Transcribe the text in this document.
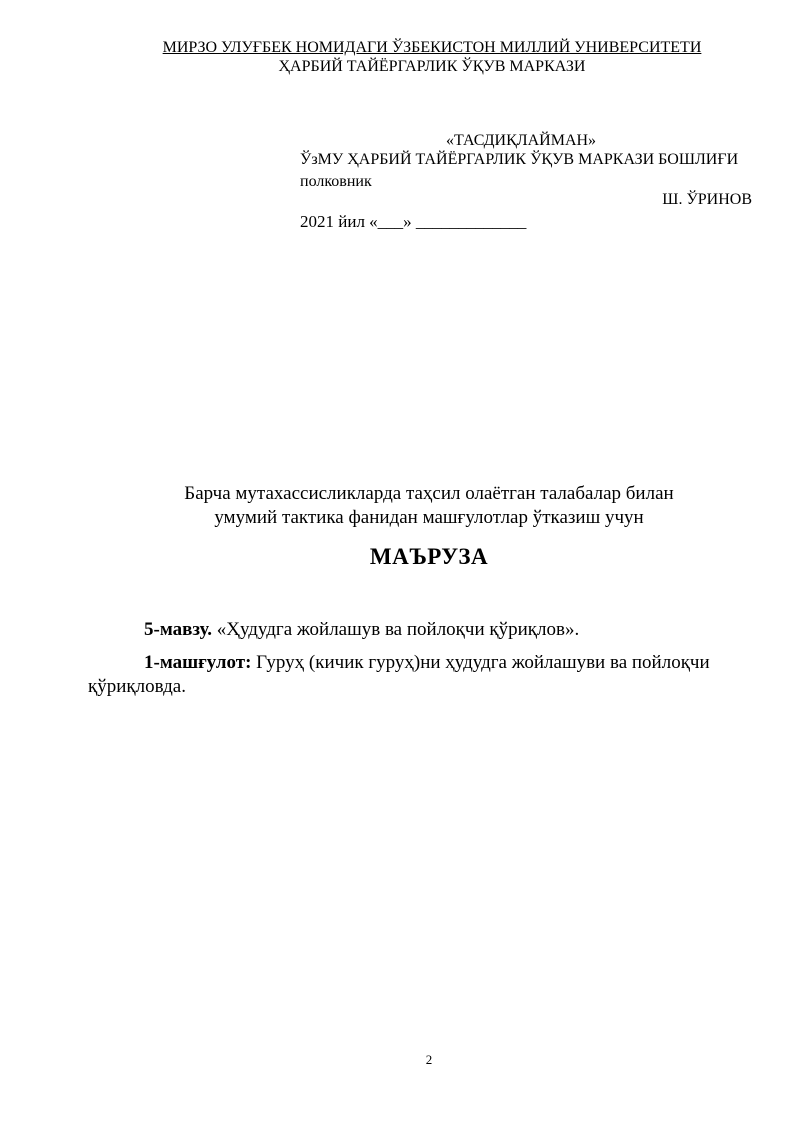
МИРЗО УЛУҒБЕК НОМИДАГИ ЎЗБЕКИСТОН МИЛЛИЙ УНИВЕРСИТЕТИ
ҲАРБИЙ ТАЙЁРГАРЛИК ЎҚУВ МАРКАЗИ
«ТАСДИҚЛАЙМАН»
ЎзМУ ҲАРБИЙ ТАЙЁРГАРЛИК ЎҚУВ МАРКАЗИ БОШЛИҒИ
полковник
Ш. ЎРИНОВ
2021 йил «___» _____________
Барча мутахассисликларда таҳсил олаётган талабалар билан
умумий тактика фанидан машғулотлар ўтказиш учун
МАЪРУЗА
5-мавзу. «Ҳудудга жойлашув ва пойлоқчи қўриқлов».
1-машғулот: Гуруҳ (кичик гуруҳ)ни ҳудудга жойлашуви ва пойлоқчи
қўриқловда.
2
